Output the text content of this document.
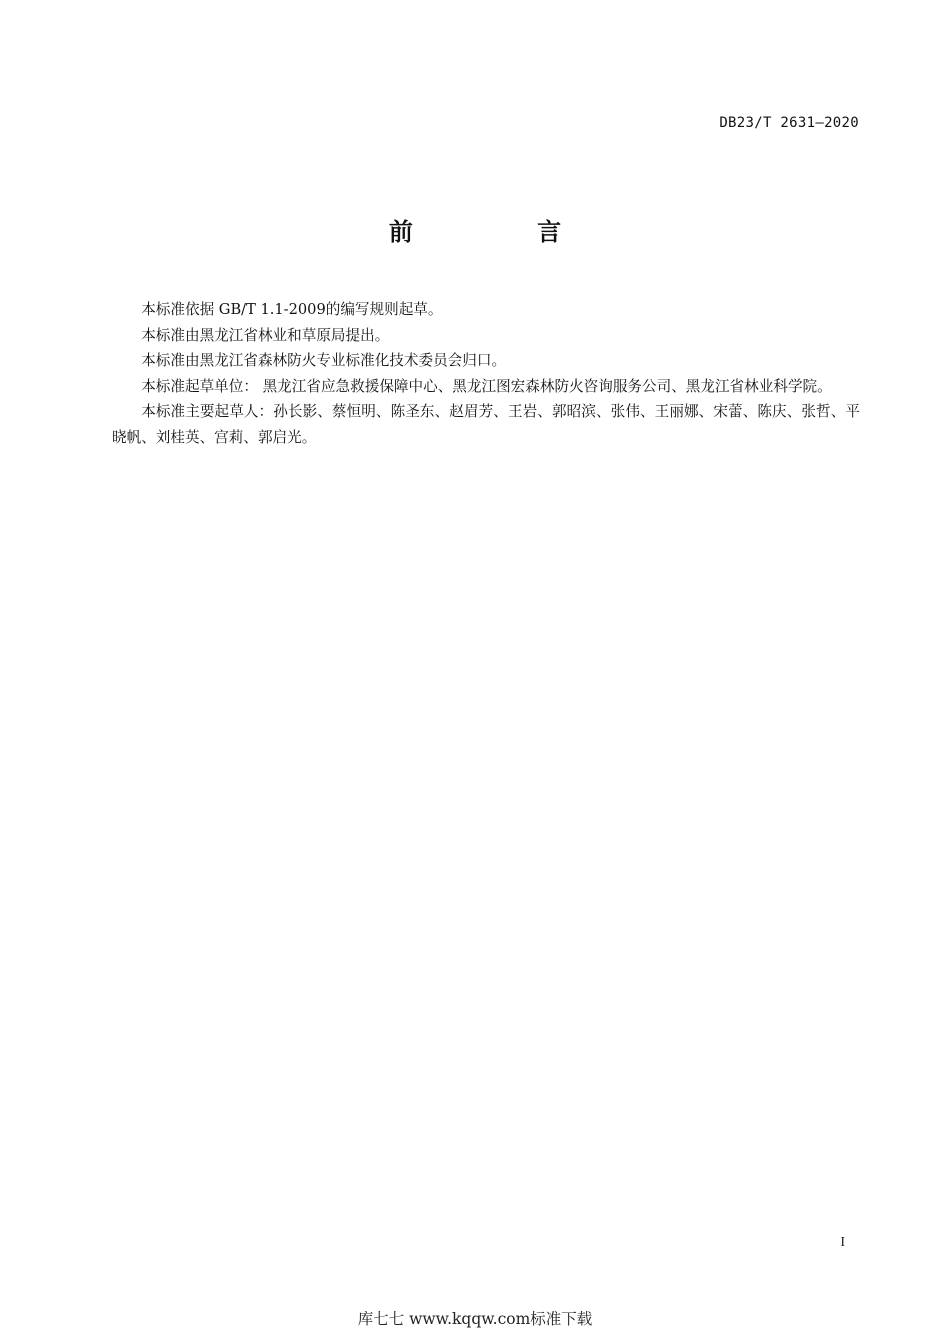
DB23/T 2631—2020
前 言

本标准依据 GB/T 1.1-2009的编写规则起草。

本标准由黑龙江省林业和草原局提出。

本标准由黑龙江省森林防火专业标准化技术委员会归口。

本标准起草单位： 黑龙江省应急救援保障中心、黑龙江图宏森林防火咨询服务公司、黑龙江省林业科学院。

本标准主要起草人：孙长影、蔡恒明、陈圣东、赵眉芳、王岩、郭昭滨、张伟、王丽娜、宋蕾、陈庆、张哲、平晓帆、刘桂英、宫莉、郭启光。

I
库七七 www.kqqw.com标准下载
